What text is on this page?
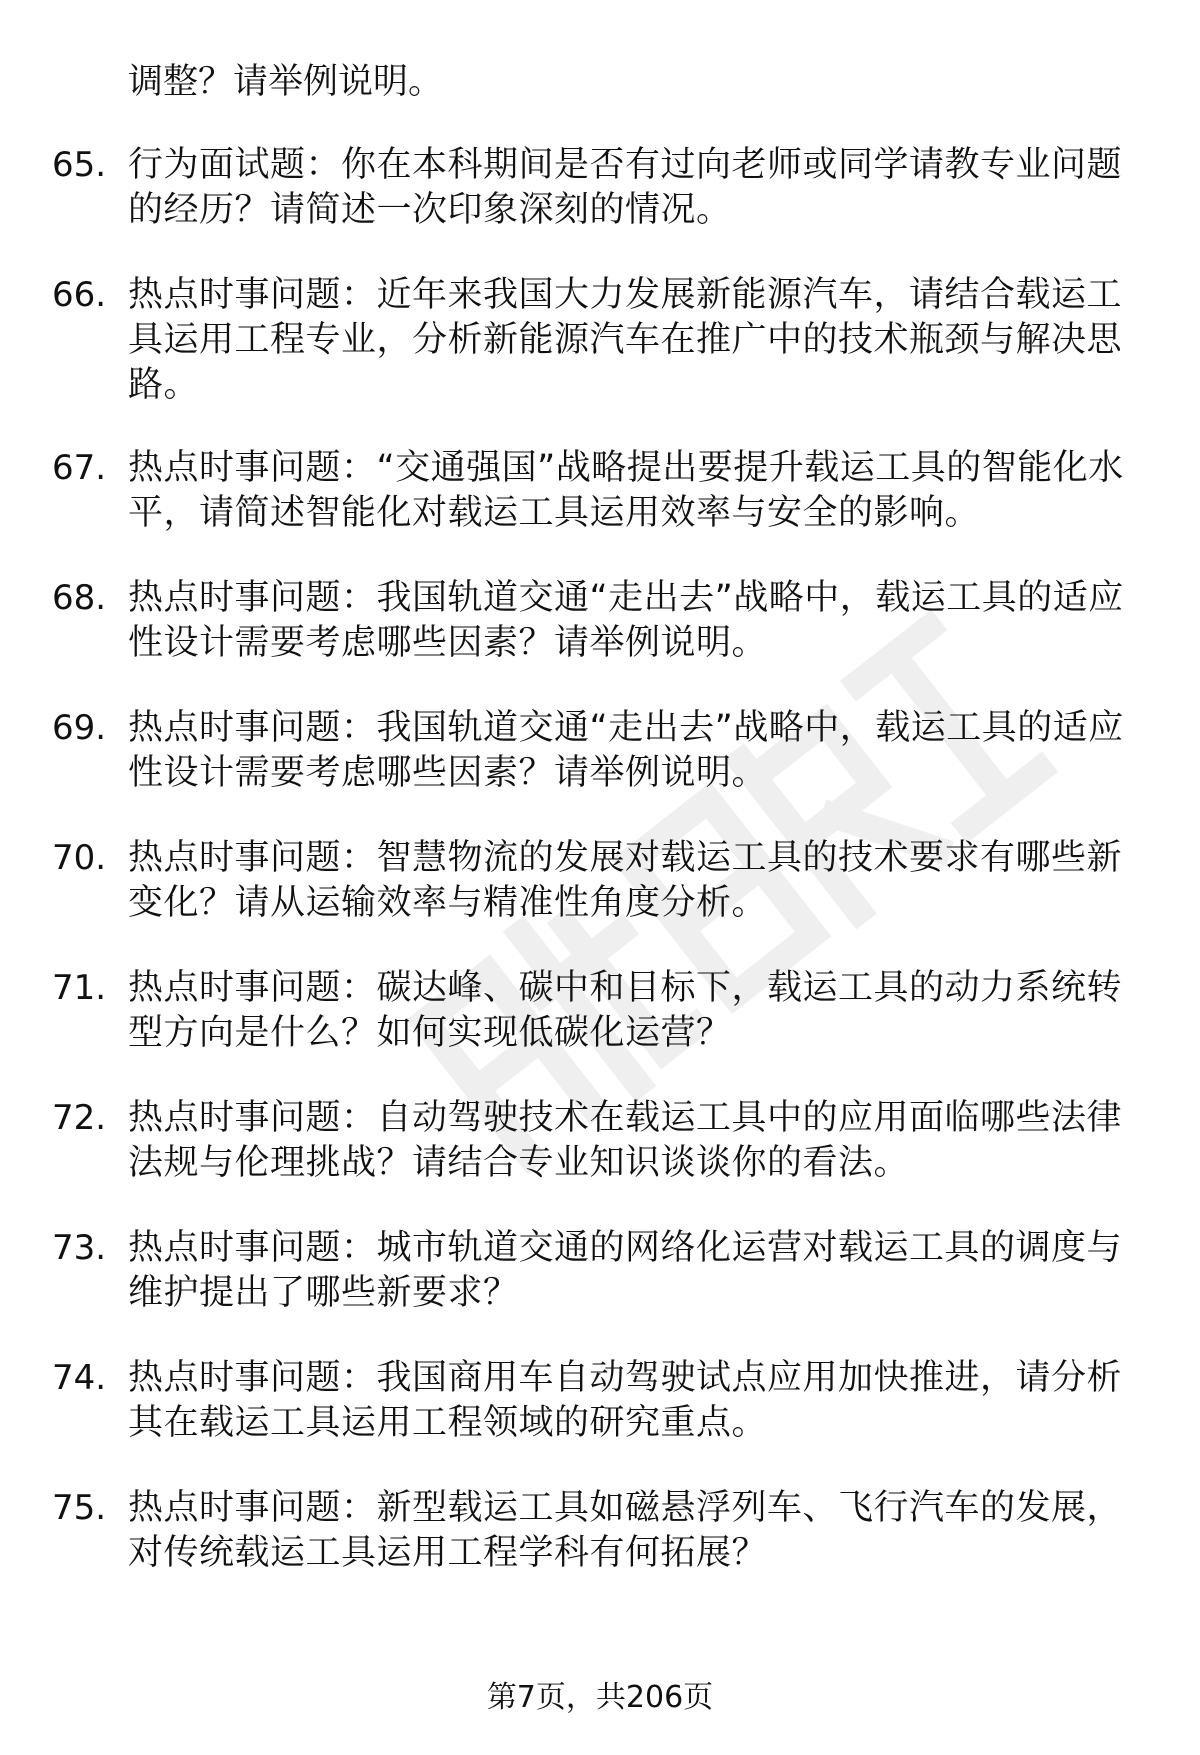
调整？请举例说明。

65. 行为面试题：你在本科期间是否有过向老师或同学请教专业问题的经历？请简述一次印象深刻的情况。
66. 热点时事问题：近年来我国大力发展新能源汽车，请结合载运工具运用工程专业，分析新能源汽车在推广中的技术瓶颈与解决思路。
67. 热点时事问题：“交通强国”战略提出要提升载运工具的智能化水平，请简述智能化对载运工具运用效率与安全的影响。
68. 热点时事问题：我国轨道交通“走出去”战略中，载运工具的适应性设计需要考虑哪些因素？请举例说明。
69. 热点时事问题：我国轨道交通“走出去”战略中，载运工具的适应性设计需要考虑哪些因素？请举例说明。
70. 热点时事问题：智慧物流的发展对载运工具的技术要求有哪些新变化？请从运输效率与精准性角度分析。
71. 热点时事问题：碳达峰、碳中和目标下，载运工具的动力系统转型方向是什么？如何实现低碳化运营？
72. 热点时事问题：自动驾驶技术在载运工具中的应用面临哪些法律法规与伦理挑战？请结合专业知识谈谈你的看法。
73. 热点时事问题：城市轨道交通的网络化运营对载运工具的调度与维护提出了哪些新要求？
74. 热点时事问题：我国商用车自动驾驶试点应用加快推进，请分析其在载运工具运用工程领域的研究重点。
75. 热点时事问题：新型载运工具如磁悬浮列车、飞行汽车的发展，对传统载运工具运用工程学科有何拓展？
第7页，共206页
